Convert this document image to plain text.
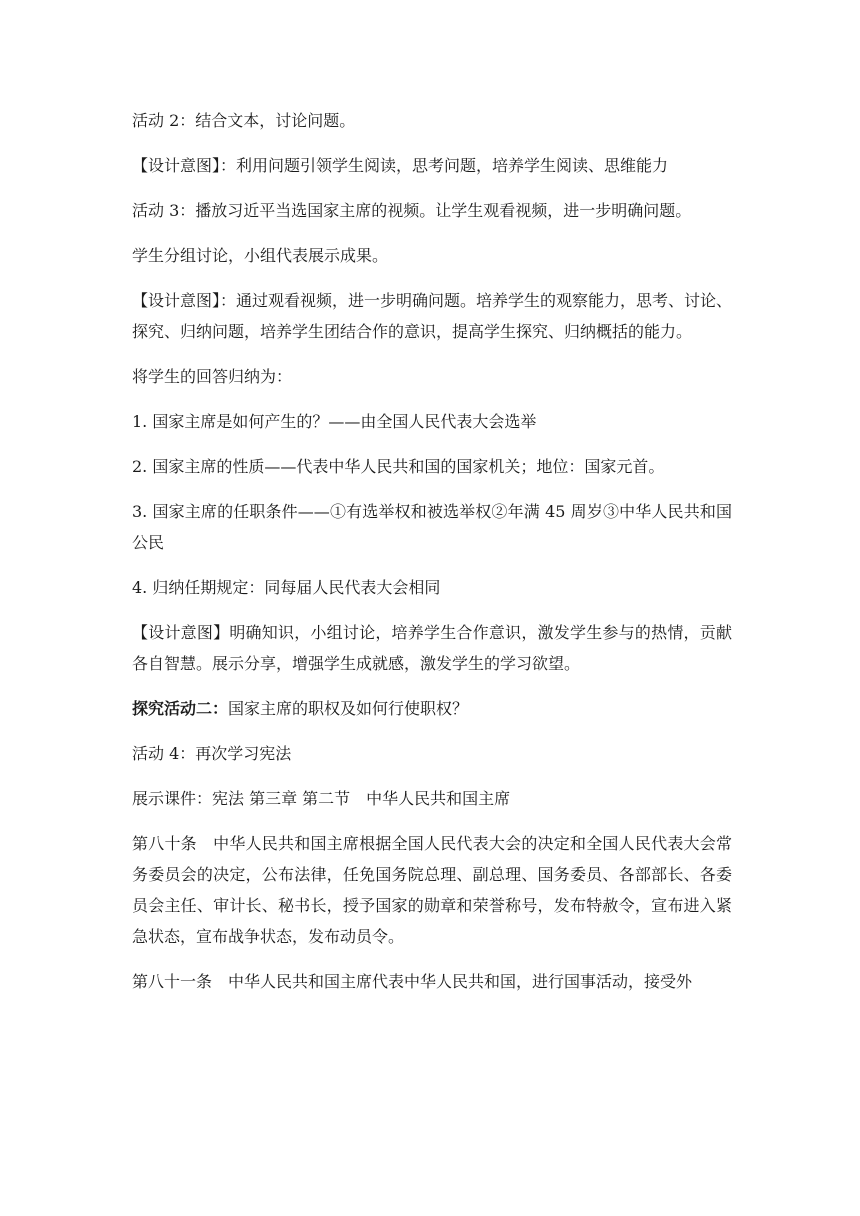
活动 2：结合文本，讨论问题。

【设计意图】：利用问题引领学生阅读，思考问题，培养学生阅读、思维能力

活动 3：播放习近平当选国家主席的视频。让学生观看视频，进一步明确问题。

学生分组讨论，小组代表展示成果。

【设计意图】：通过观看视频，进一步明确问题。培养学生的观察能力，思考、讨论、探究、归纳问题，培养学生团结合作的意识，提高学生探究、归纳概括的能力。

将学生的回答归纳为：

1. 国家主席是如何产生的？——由全国人民代表大会选举

2. 国家主席的性质——代表中华人民共和国的国家机关；地位：国家元首。

3. 国家主席的任职条件——①有选举权和被选举权②年满 45 周岁③中华人民共和国公民

4. 归纳任期规定：同每届人民代表大会相同

【设计意图】明确知识，小组讨论，培养学生合作意识，激发学生参与的热情，贡献各自智慧。展示分享，增强学生成就感，激发学生的学习欲望。

探究活动二：国家主席的职权及如何行使职权？

活动 4：再次学习宪法

展示课件：宪法 第三章 第二节　中华人民共和国主席

第八十条　中华人民共和国主席根据全国人民代表大会的决定和全国人民代表大会常务委员会的决定，公布法律，任免国务院总理、副总理、国务委员、各部部长、各委员会主任、审计长、秘书长，授予国家的勋章和荣誉称号，发布特赦令，宣布进入紧急状态，宣布战争状态，发布动员令。

第八十一条　中华人民共和国主席代表中华人民共和国，进行国事活动，接受外
